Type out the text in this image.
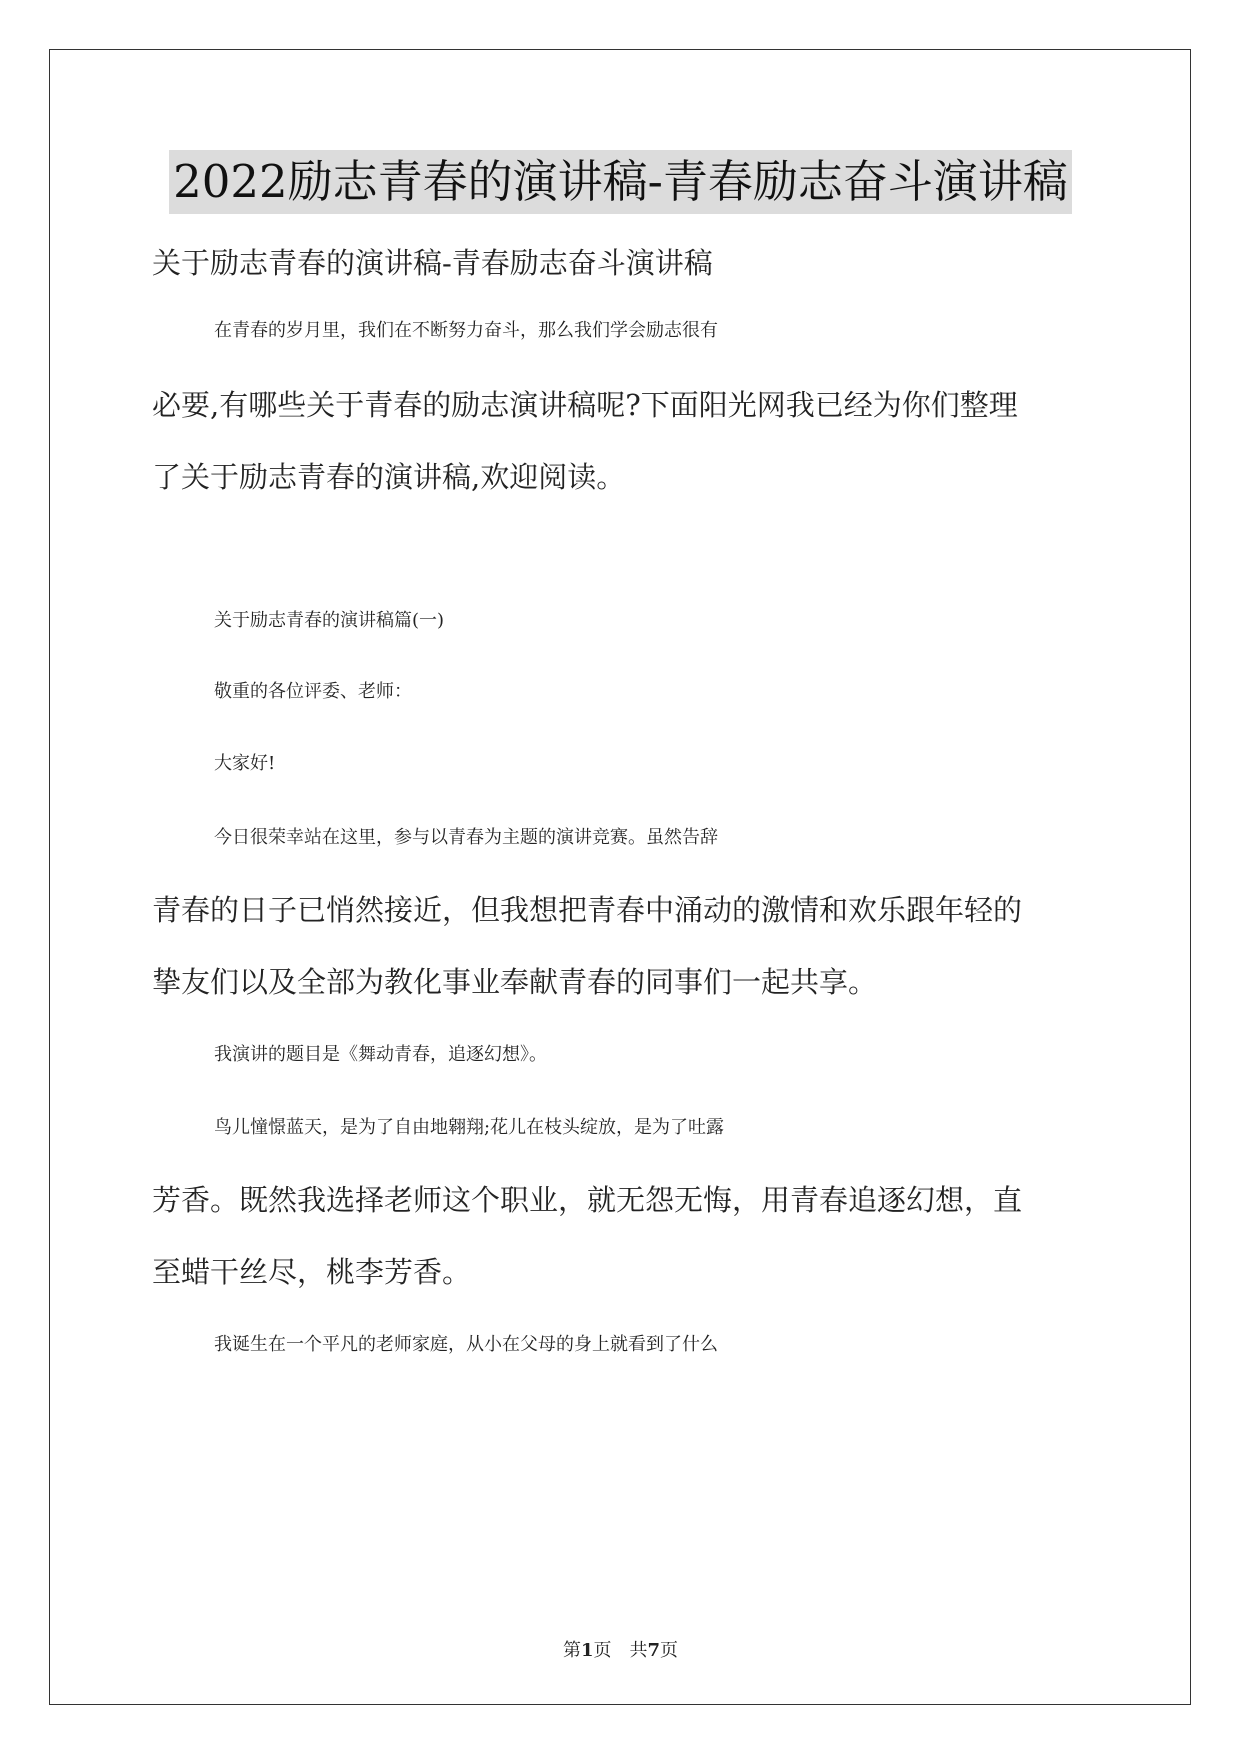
2022励志青春的演讲稿-青春励志奋斗演讲稿
关于励志青春的演讲稿-青春励志奋斗演讲稿
在青春的岁月里，我们在不断努力奋斗，那么我们学会励志很有
必要,有哪些关于青春的励志演讲稿呢?下面阳光网我已经为你们整理
了关于励志青春的演讲稿,欢迎阅读。
关于励志青春的演讲稿篇(一)
敬重的各位评委、老师：
大家好!
今日很荣幸站在这里，参与以青春为主题的演讲竞赛。虽然告辞
青春的日子已悄然接近，但我想把青春中涌动的激情和欢乐跟年轻的
挚友们以及全部为教化事业奉献青春的同事们一起共享。
我演讲的题目是《舞动青春，追逐幻想》。
鸟儿憧憬蓝天，是为了自由地翱翔;花儿在枝头绽放，是为了吐露
芳香。既然我选择老师这个职业，就无怨无悔，用青春追逐幻想，直
至蜡干丝尽，桃李芳香。
我诞生在一个平凡的老师家庭，从小在父母的身上就看到了什么
第1页　共7页
